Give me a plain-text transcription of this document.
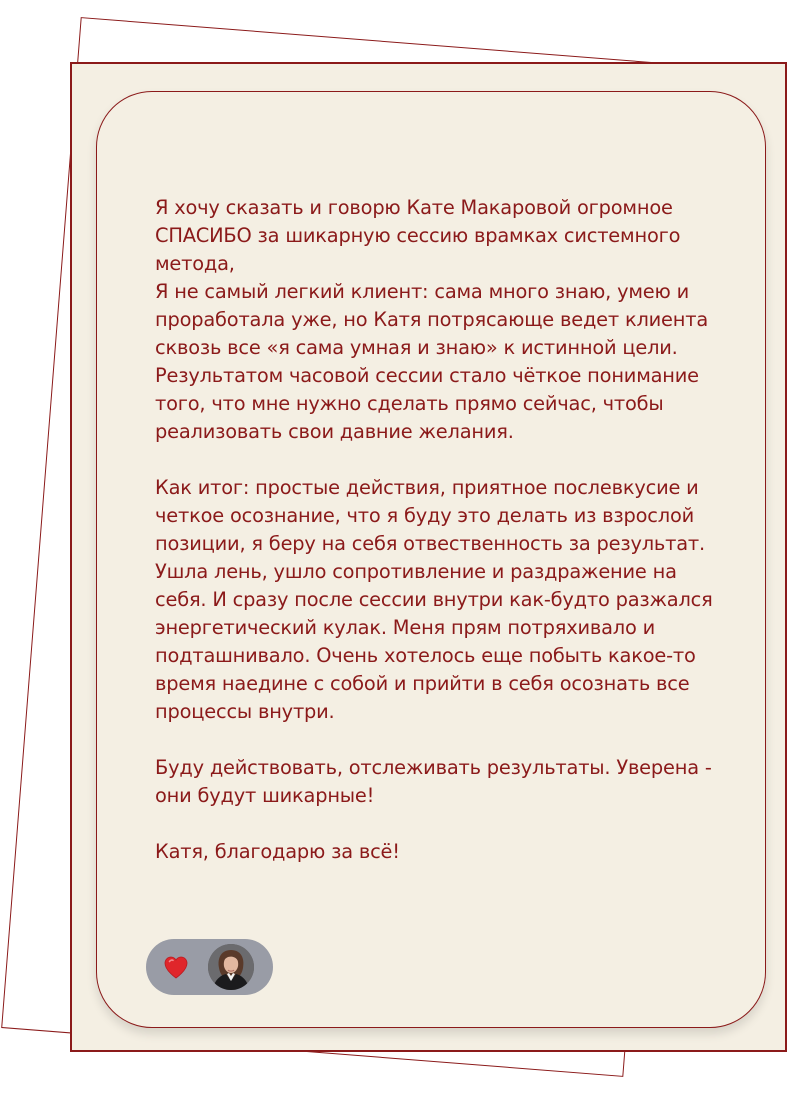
Я хочу сказать и говорю Кате Макаровой огромное
СПАСИБО за шикарную сессию врамках системного
метода,
Я не самый легкий клиент: сама много знаю, умею и
проработала уже, но Катя потрясающе ведет клиента
сквозь все «я сама умная и знаю» к истинной цели.
Результатом часовой сессии стало чёткое понимание
того, что мне нужно сделать прямо сейчас, чтобы
реализовать свои давние желания.

Как итог: простые действия, приятное послевкусие и
четкое осознание, что я буду это делать из взрослой
позиции, я беру на себя отвественность за результат.
Ушла лень, ушло сопротивление и раздражение на
себя. И сразу после сессии внутри как-будто разжался
энергетический кулак. Меня прям потряхивало и
подташнивало. Очень хотелось еще побыть какое-то
время наедине с собой и прийти в себя осознать все
процессы внутри.

Буду действовать, отслеживать результаты. Уверена -
они будут шикарные!

Катя, благодарю за всё!
